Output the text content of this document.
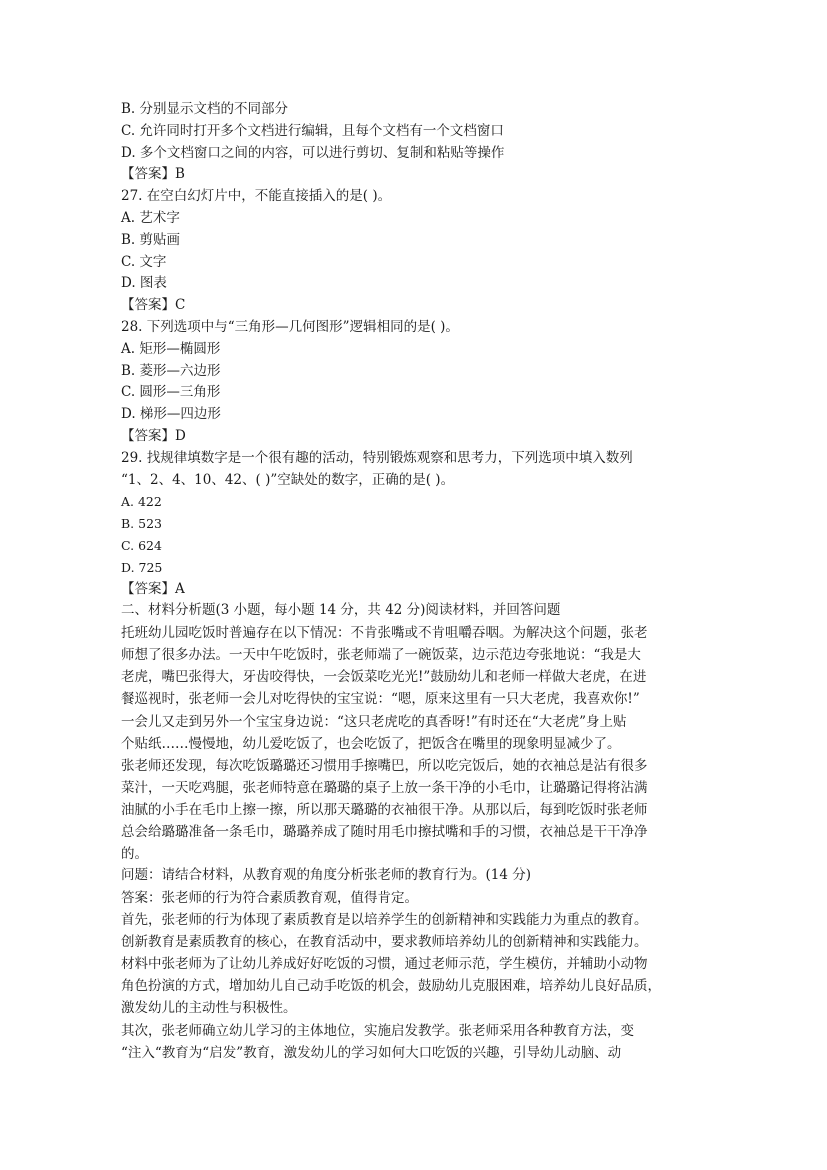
B. 分别显示文档的不同部分
C. 允许同时打开多个文档进行编辑，且每个文档有一个文档窗口
D. 多个文档窗口之间的内容，可以进行剪切、复制和粘贴等操作
【答案】B
27. 在空白幻灯片中，不能直接插入的是( )。
A. 艺术字
B. 剪贴画
C. 文字
D. 图表
【答案】C
28. 下列选项中与“三角形—几何图形”逻辑相同的是( )。
A. 矩形—椭圆形
B. 菱形—六边形
C. 圆形—三角形
D. 梯形—四边形
【答案】D
29. 找规律填数字是一个很有趣的活动，特别锻炼观察和思考力，下列选项中填入数列
“1、2、4、10、42、( )”空缺处的数字，正确的是( )。
A. 422
B. 523
C. 624
D. 725
【答案】A
二、材料分析题(3 小题，每小题 14 分，共 42 分)阅读材料，并回答问题
托班幼儿园吃饭时普遍存在以下情况：不肯张嘴或不肯咀嚼吞咽。为解决这个问题，张老
师想了很多办法。一天中午吃饭时，张老师端了一碗饭菜，边示范边夸张地说：“我是大
老虎，嘴巴张得大，牙齿咬得快，一会饭菜吃光光!”鼓励幼儿和老师一样做大老虎，在进
餐巡视时，张老师一会儿对吃得快的宝宝说：“嗯，原来这里有一只大老虎，我喜欢你!”
一会儿又走到另外一个宝宝身边说：“这只老虎吃的真香呀!”有时还在“大老虎”身上贴
个贴纸……慢慢地，幼儿爱吃饭了，也会吃饭了，把饭含在嘴里的现象明显减少了。
张老师还发现，每次吃饭璐璐还习惯用手擦嘴巴，所以吃完饭后，她的衣袖总是沾有很多
菜汁，一天吃鸡腿，张老师特意在璐璐的桌子上放一条干净的小毛巾，让璐璐记得将沾满
油腻的小手在毛巾上擦一擦，所以那天璐璐的衣袖很干净。从那以后，每到吃饭时张老师
总会给璐璐准备一条毛巾，璐璐养成了随时用毛巾擦拭嘴和手的习惯，衣袖总是干干净净
的。
问题：请结合材料，从教育观的角度分析张老师的教育行为。(14 分)
答案：张老师的行为符合素质教育观，值得肯定。
首先，张老师的行为体现了素质教育是以培养学生的创新精神和实践能力为重点的教育。
创新教育是素质教育的核心，在教育活动中，要求教师培养幼儿的创新精神和实践能力。
材料中张老师为了让幼儿养成好好吃饭的习惯，通过老师示范，学生模仿，并辅助小动物
角色扮演的方式，增加幼儿自己动手吃饭的机会，鼓励幼儿克服困难，培养幼儿良好品质，
激发幼儿的主动性与积极性。
其次，张老师确立幼儿学习的主体地位，实施启发教学。张老师采用各种教育方法，变
“注入“教育为“启发”教育，激发幼儿的学习如何大口吃饭的兴趣，引导幼儿动脑、动
